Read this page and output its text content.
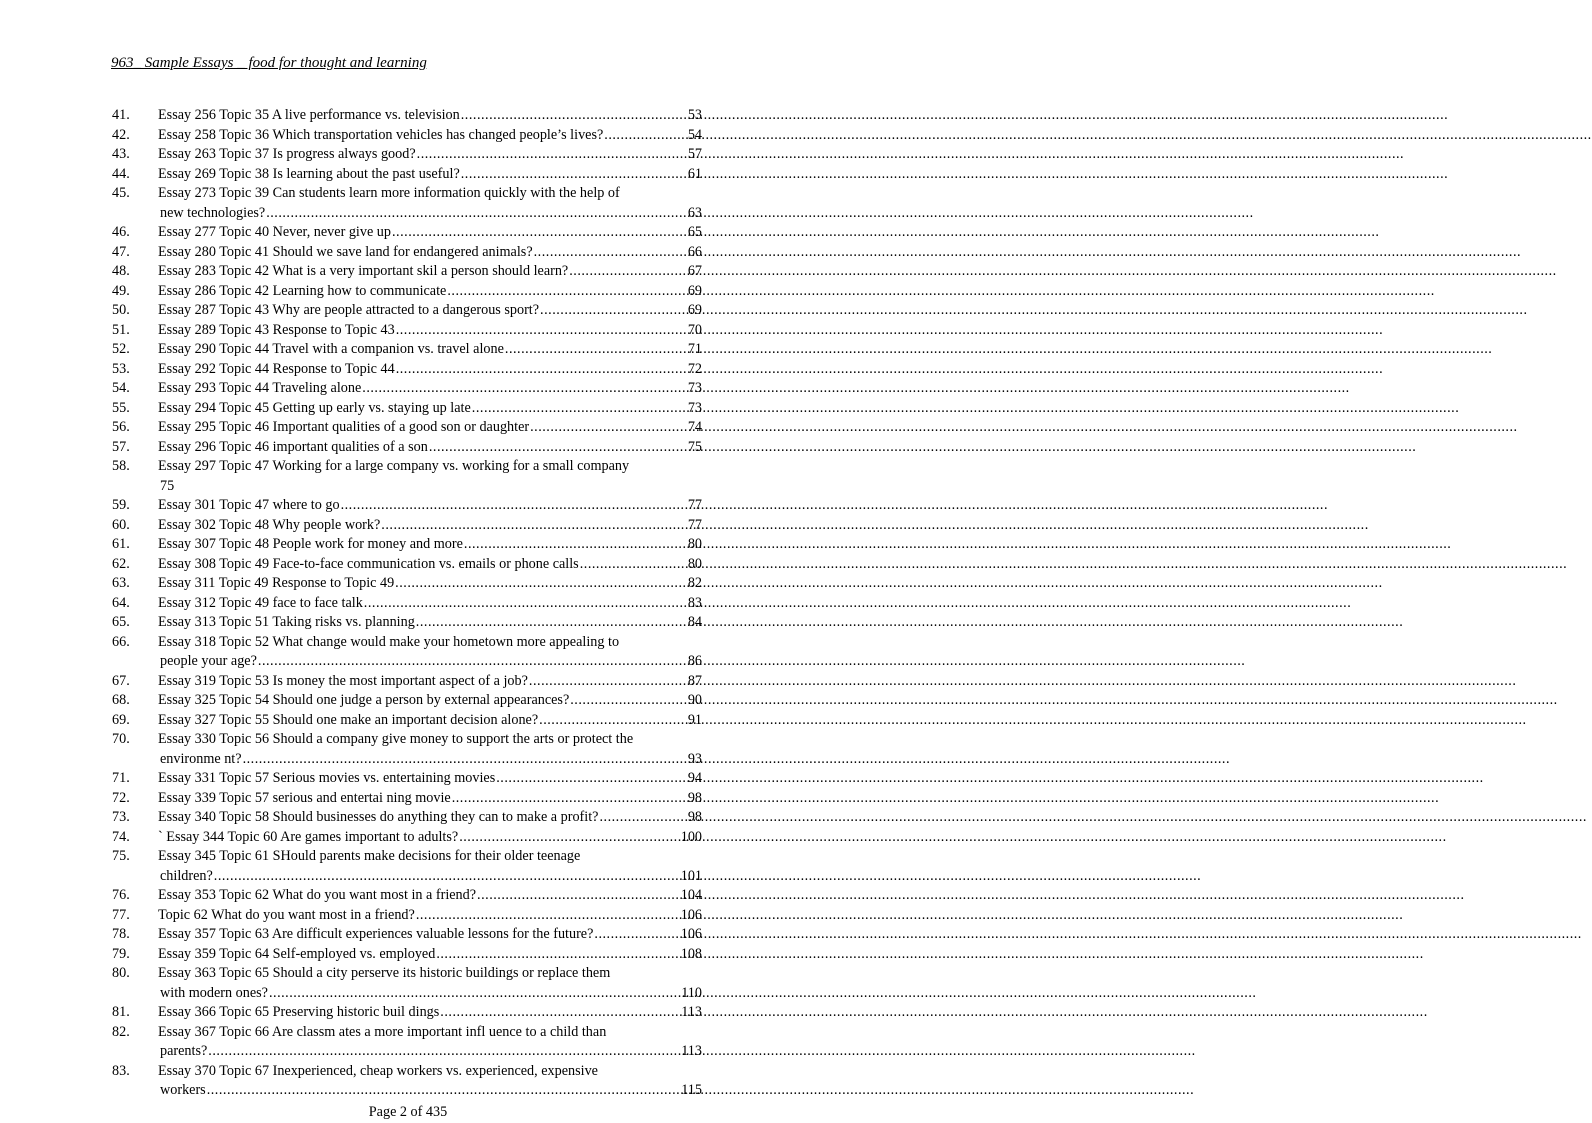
963_ Sample Essays _ food for thought and learning
41.	Essay 256 Topic 35 A live performance vs. television .....	53
42.	Essay 258 Topic 36 Which transportation vehicles has changed people’s lives? .....	54
43.	Essay 263 Topic 37 Is progress always good? .....	57
44.	Essay 269 Topic 38 Is learning about the past useful? .....	61
45.	Essay 273 Topic 39 Can students learn more information quickly with the help of
new technologies? .....	63
46.	Essay 277 Topic 40 Never, never give up .....	65
47.	Essay 280 Topic 41 Should we save land for endangered animals? .....	66
48.	Essay 283 Topic 42 What is a very important skil a person should learn? .....	67
49.	Essay 286 Topic 42 Learning how to communicate .....	69
50.	Essay 287 Topic 43 Why are people attracted to a dangerous sport? .....	69
51.	Essay 289 Topic 43 Response to Topic 43 .....	70
52.	Essay 290 Topic 44 Travel with a companion vs. travel alone .....	71
53.	Essay 292 Topic 44 Response to Topic 44 .....	72
54.	Essay 293 Topic 44 Traveling alone .....	73
55.	Essay 294 Topic 45 Getting up early vs. staying up late .....	73
56.	Essay 295 Topic 46 Important qualities of a good son or daughter .....	74
57.	Essay 296 Topic 46 important qualities of a son .....	75
58.	Essay 297 Topic 47 Working for a large company vs. working for a small company
75
59.	Essay 301 Topic 47 where to go .....	77
60.	Essay 302 Topic 48 Why people work? .....	77
61.	Essay 307 Topic 48 People work for money and more .....	80
62.	Essay 308 Topic 49 Face-to-face communication vs. emails or phone calls .....	80
63.	Essay 311 Topic 49 Response to Topic 49 .....	82
64.	Essay 312 Topic 49 face to face talk .....	83
65.	Essay 313 Topic 51 Taking risks vs. planning .....	84
66.	Essay 318 Topic 52 What change would make your hometown more appealing to
people your age? .....	86
67.	Essay 319 Topic 53 Is money the most important aspect of a job? .....	87
68.	Essay 325 Topic 54 Should one judge a person by external appearances? .....	90
69.	Essay 327 Topic 55 Should one make an important decision alone? .....	91
70.	Essay 330 Topic 56 Should a company give money to support the arts or protect the
environme nt? .....	93
71.	Essay 331 Topic 57 Serious movies vs. entertaining movies .....	94
72.	Essay 339 Topic 57 serious and entertai ning movie .....	98
73.	Essay 340 Topic 58 Should businesses do anything they can to make a profit? .....	98
74.	` Essay 344 Topic 60 Are games important to adults? .....	100
75.	Essay 345 Topic 61 SHould parents make decisions for their older teenage
children? .....	101
76.	Essay 353 Topic 62 What do you want most in a friend? .....	104
77.	Topic 62 What do you want most in a friend? .....	106
78.	Essay 357 Topic 63 Are difficult experiences valuable lessons for the future? .....	106
79.	Essay 359 Topic 64 Self-employed vs. employed .....	108
80.	Essay 363 Topic 65 Should a city perserve its historic buildings or replace them
with modern ones? .....	110
81.	Essay 366 Topic 65 Preserving historic buil dings .....	113
82.	Essay 367 Topic 66 Are classm ates a more important infl uence to a child than
parents? .....	113
83.	Essay 370 Topic 67 Inexperienced, cheap workers vs. experienced, expensive
workers .....	115
Page 2 of 435
